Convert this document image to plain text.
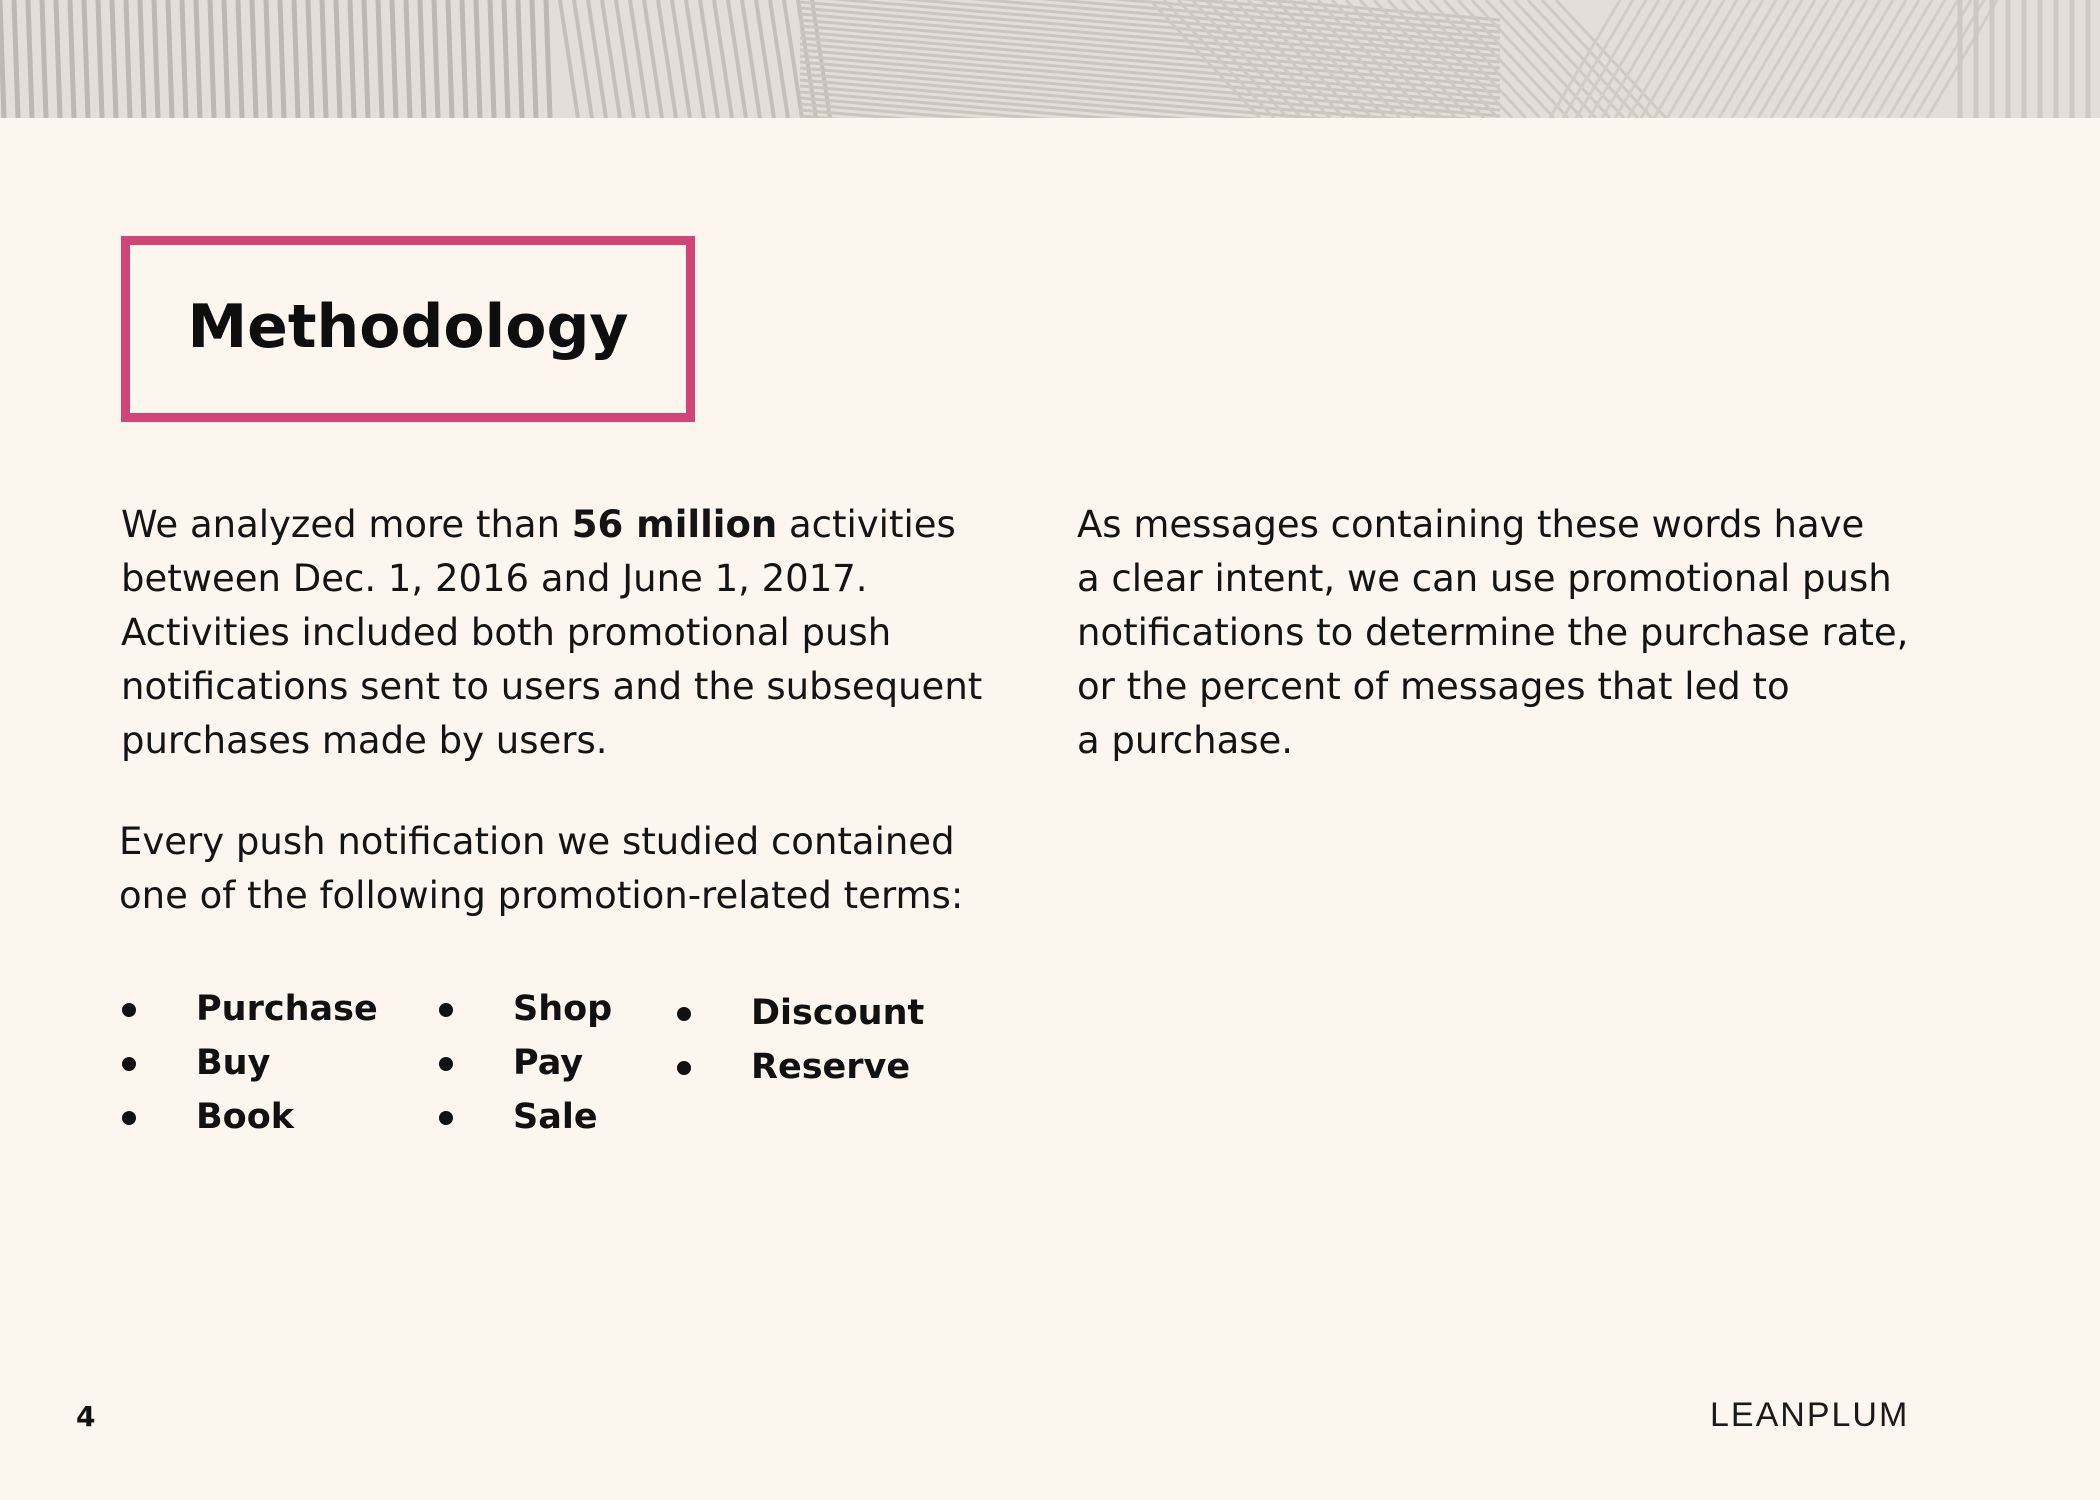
Methodology

We analyzed more than 56 million activities
between Dec. 1, 2016 and June 1, 2017.
Activities included both promotional push
notifications sent to users and the subsequent
purchases made by users.

Every push notification we studied contained
one of the following promotion-related terms:

As messages containing these words have
a clear intent, we can use promotional push
notifications to determine the purchase rate,
or the percent of messages that led to
a purchase.

Purchase
Buy
Book
Shop
Pay
Sale
Discount
Reserve
4	LEANPLUM
